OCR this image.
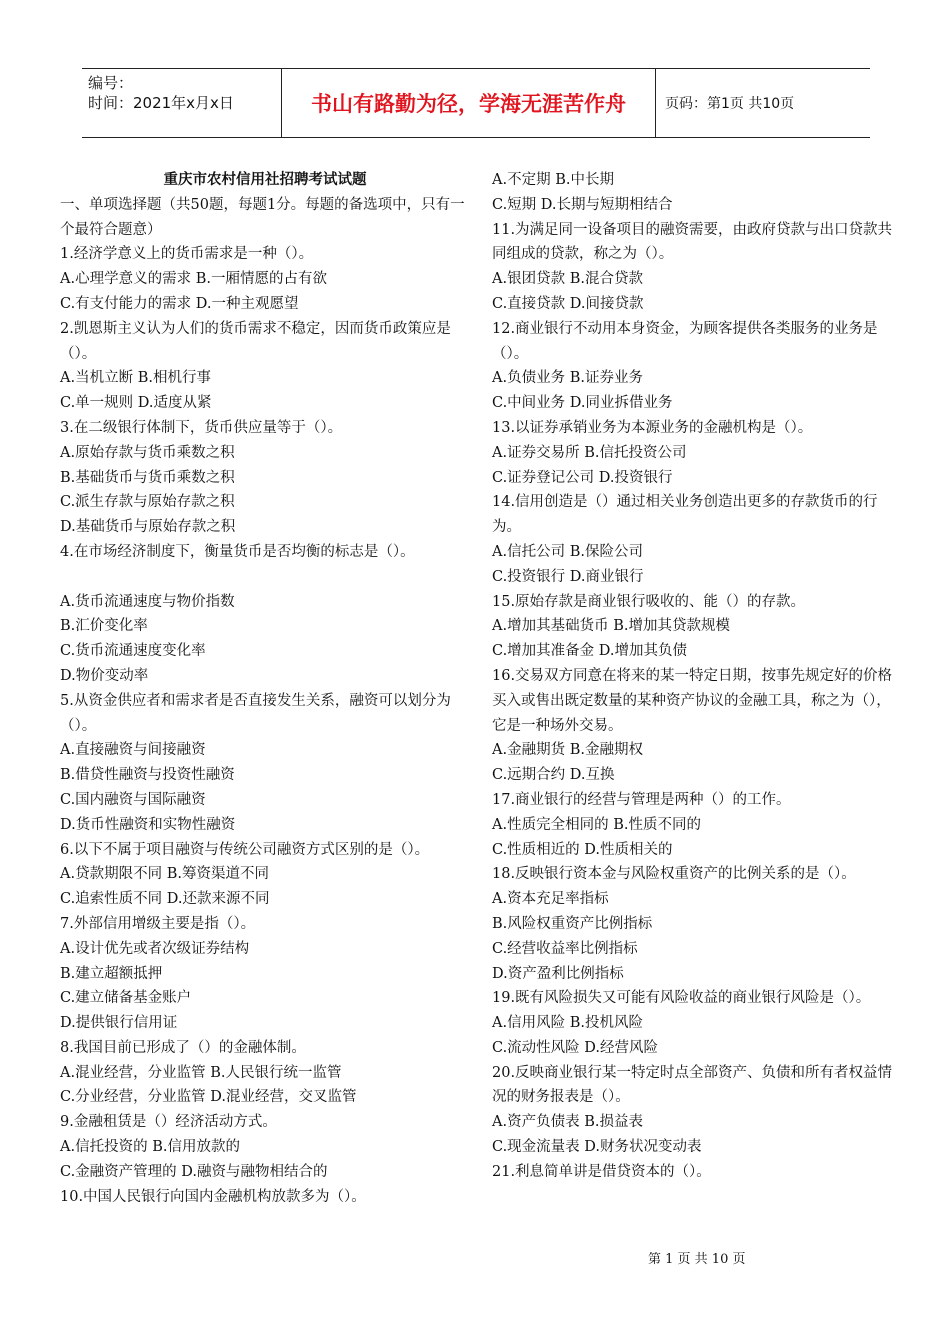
编号：
时间：2021年x月x日	书山有路勤为径，学海无涯苦作舟	页码：第1页 共10页
重庆市农村信用社招聘考试试题
一、单项选择题（共50题，每题1分。每题的备选项中，只有一个最符合题意）
1.经济学意义上的货币需求是一种（）。
A.心理学意义的需求 B.一厢情愿的占有欲
C.有支付能力的需求 D.一种主观愿望
2.凯恩斯主义认为人们的货币需求不稳定，因而货币政策应是（）。
A.当机立断 B.相机行事
C.单一规则 D.适度从紧
3.在二级银行体制下，货币供应量等于（）。
A.原始存款与货币乘数之积
B.基础货币与货币乘数之积
C.派生存款与原始存款之积
D.基础货币与原始存款之积
4.在市场经济制度下，衡量货币是否均衡的标志是（）。
A.货币流通速度与物价指数
B.汇价变化率
C.货币流通速度变化率
D.物价变动率
5.从资金供应者和需求者是否直接发生关系，融资可以划分为（）。
A.直接融资与间接融资
B.借贷性融资与投资性融资
C.国内融资与国际融资
D.货币性融资和实物性融资
6.以下不属于项目融资与传统公司融资方式区别的是（）。
A.贷款期限不同 B.筹资渠道不同
C.追索性质不同 D.还款来源不同
7.外部信用增级主要是指（）。
A.设计优先或者次级证券结构
B.建立超额抵押
C.建立储备基金账户
D.提供银行信用证
8.我国目前已形成了（）的金融体制。
A.混业经营，分业监管 B.人民银行统一监管
C.分业经营，分业监管 D.混业经营，交叉监管
9.金融租赁是（）经济活动方式。
A.信托投资的 B.信用放款的
C.金融资产管理的 D.融资与融物相结合的
10.中国人民银行向国内金融机构放款多为（）。
A.不定期 B.中长期
C.短期 D.长期与短期相结合
11.为满足同一设备项目的融资需要，由政府贷款与出口贷款共同组成的贷款，称之为（）。
A.银团贷款 B.混合贷款
C.直接贷款 D.间接贷款
12.商业银行不动用本身资金，为顾客提供各类服务的业务是（）。
A.负债业务 B.证券业务
C.中间业务 D.同业拆借业务
13.以证券承销业务为本源业务的金融机构是（）。
A.证券交易所 B.信托投资公司
C.证券登记公司 D.投资银行
14.信用创造是（）通过相关业务创造出更多的存款货币的行为。
A.信托公司 B.保险公司
C.投资银行 D.商业银行
15.原始存款是商业银行吸收的、能（）的存款。
A.增加其基础货币 B.增加其贷款规模
C.增加其准备金 D.增加其负债
16.交易双方同意在将来的某一特定日期，按事先规定好的价格买入或售出既定数量的某种资产协议的金融工具，称之为（），它是一种场外交易。
A.金融期货 B.金融期权
C.远期合约 D.互换
17.商业银行的经营与管理是两种（）的工作。
A.性质完全相同的 B.性质不同的
C.性质相近的 D.性质相关的
18.反映银行资本金与风险权重资产的比例关系的是（）。
A.资本充足率指标
B.风险权重资产比例指标
C.经营收益率比例指标
D.资产盈利比例指标
19.既有风险损失又可能有风险收益的商业银行风险是（）。
A.信用风险 B.投机风险
C.流动性风险 D.经营风险
20.反映商业银行某一特定时点全部资产、负债和所有者权益情况的财务报表是（）。
A.资产负债表 B.损益表
C.现金流量表 D.财务状况变动表
21.利息简单讲是借贷资本的（）。
第 1 页 共 10 页
